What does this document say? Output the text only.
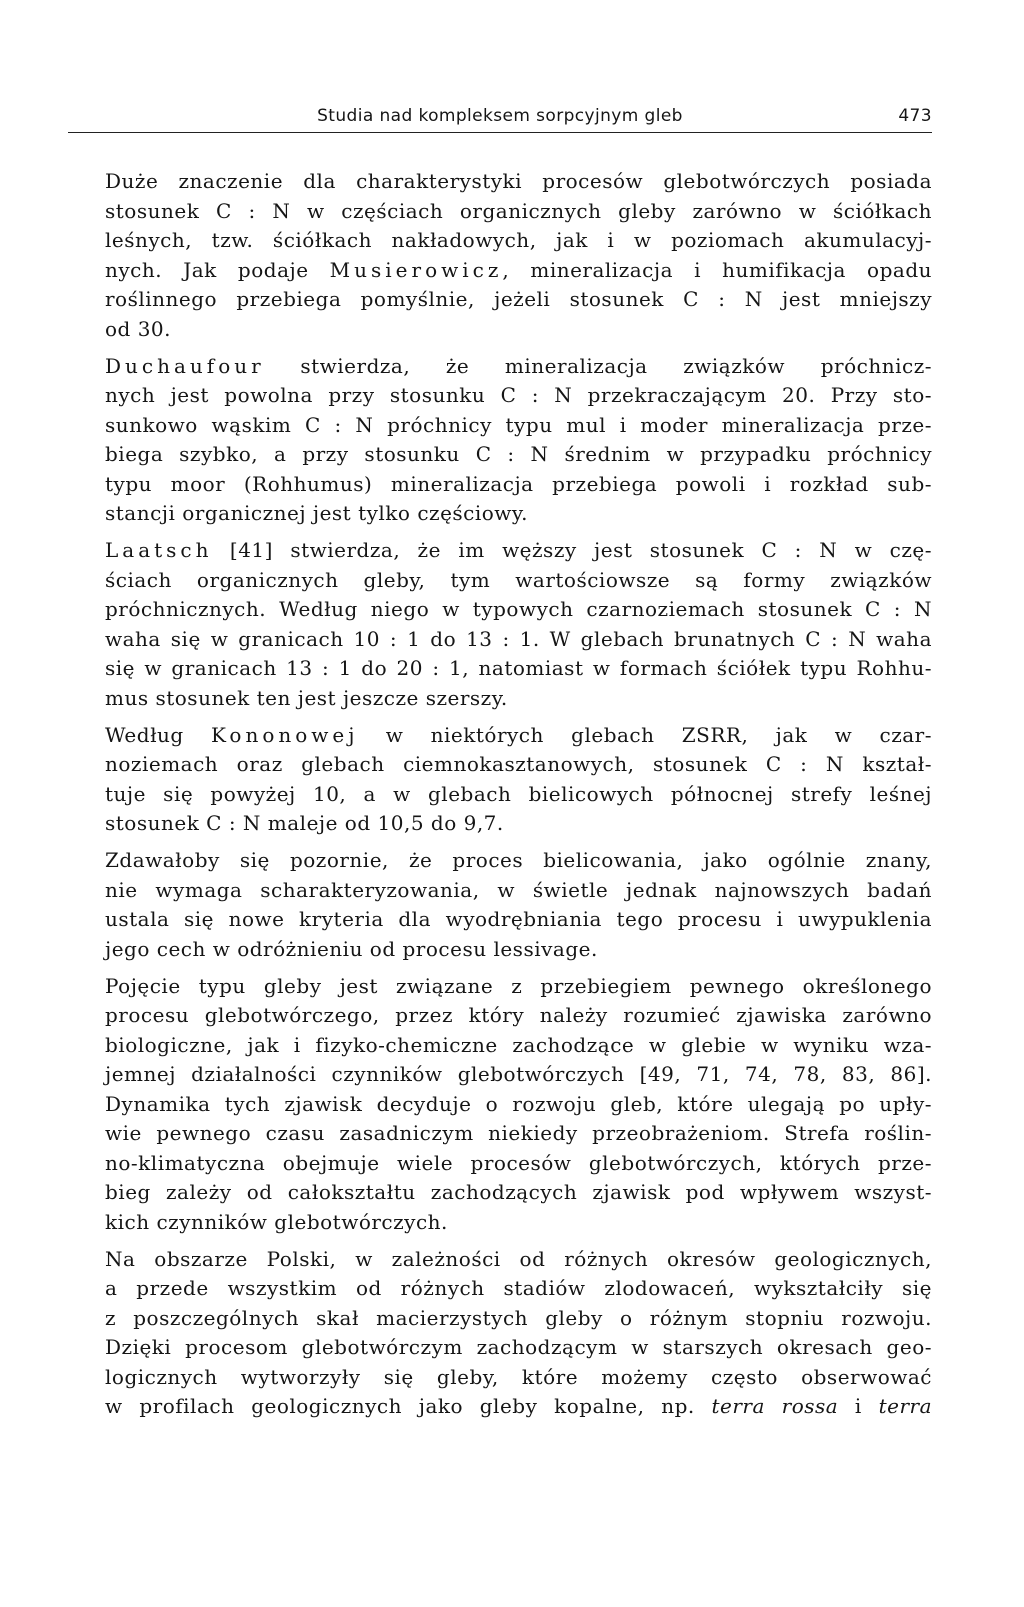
Studia nad kompleksem sorpcyjnym gleb	473

Duże znaczenie dla charakterystyki procesów glebotwórczych posiada
stosunek C : N w częściach organicznych gleby zarówno w ściółkach
leśnych, tzw. ściółkach nakładowych, jak i w poziomach akumulacyj-
nych. Jak podaje Musierowicz, mineralizacja i humifikacja opadu
roślinnego przebiega pomyślnie, jeżeli stosunek C : N jest mniejszy
od 30.

Duchaufour stwierdza, że mineralizacja związków próchnicz-
nych jest powolna przy stosunku C : N przekraczającym 20. Przy sto-
sunkowo wąskim C : N próchnicy typu mul i moder mineralizacja prze-
biega szybko, a przy stosunku C : N średnim w przypadku próchnicy
typu moor (Rohhumus) mineralizacja przebiega powoli i rozkład sub-
stancji organicznej jest tylko częściowy.

Laatsch [41] stwierdza, że im węższy jest stosunek C : N w czę-
ściach organicznych gleby, tym wartościowsze są formy związków
próchnicznych. Według niego w typowych czarnoziemach stosunek C : N
waha się w granicach 10 : 1 do 13 : 1. W glebach brunatnych C : N waha
się w granicach 13 : 1 do 20 : 1, natomiast w formach ściółek typu Rohhu-
mus stosunek ten jest jeszcze szerszy.

Według Kononowej w niektórych glebach ZSRR, jak w czar-
noziemach oraz glebach ciemnokasztanowych, stosunek C : N kształ-
tuje się powyżej 10, a w glebach bielicowych północnej strefy leśnej
stosunek C : N maleje od 10,5 do 9,7.

Zdawałoby się pozornie, że proces bielicowania, jako ogólnie znany,
nie wymaga scharakteryzowania, w świetle jednak najnowszych badań
ustala się nowe kryteria dla wyodrębniania tego procesu i uwypuklenia
jego cech w odróżnieniu od procesu lessivage.

Pojęcie typu gleby jest związane z przebiegiem pewnego określonego
procesu glebotwórczego, przez który należy rozumieć zjawiska zarówno
biologiczne, jak i fizyko-chemiczne zachodzące w glebie w wyniku wza-
jemnej działalności czynników glebotwórczych [49, 71, 74, 78, 83, 86].
Dynamika tych zjawisk decyduje o rozwoju gleb, które ulegają po upły-
wie pewnego czasu zasadniczym niekiedy przeobrażeniom. Strefa roślin-
no-klimatyczna obejmuje wiele procesów glebotwórczych, których prze-
bieg zależy od całokształtu zachodzących zjawisk pod wpływem wszyst-
kich czynników glebotwórczych.

Na obszarze Polski, w zależności od różnych okresów geologicznych,
a przede wszystkim od różnych stadiów zlodowaceń, wykształciły się
z poszczególnych skał macierzystych gleby o różnym stopniu rozwoju.
Dzięki procesom glebotwórczym zachodzącym w starszych okresach geo-
logicznych wytworzyły się gleby, które możemy często obserwować
w profilach geologicznych jako gleby kopalne, np. terra rossa i terra
